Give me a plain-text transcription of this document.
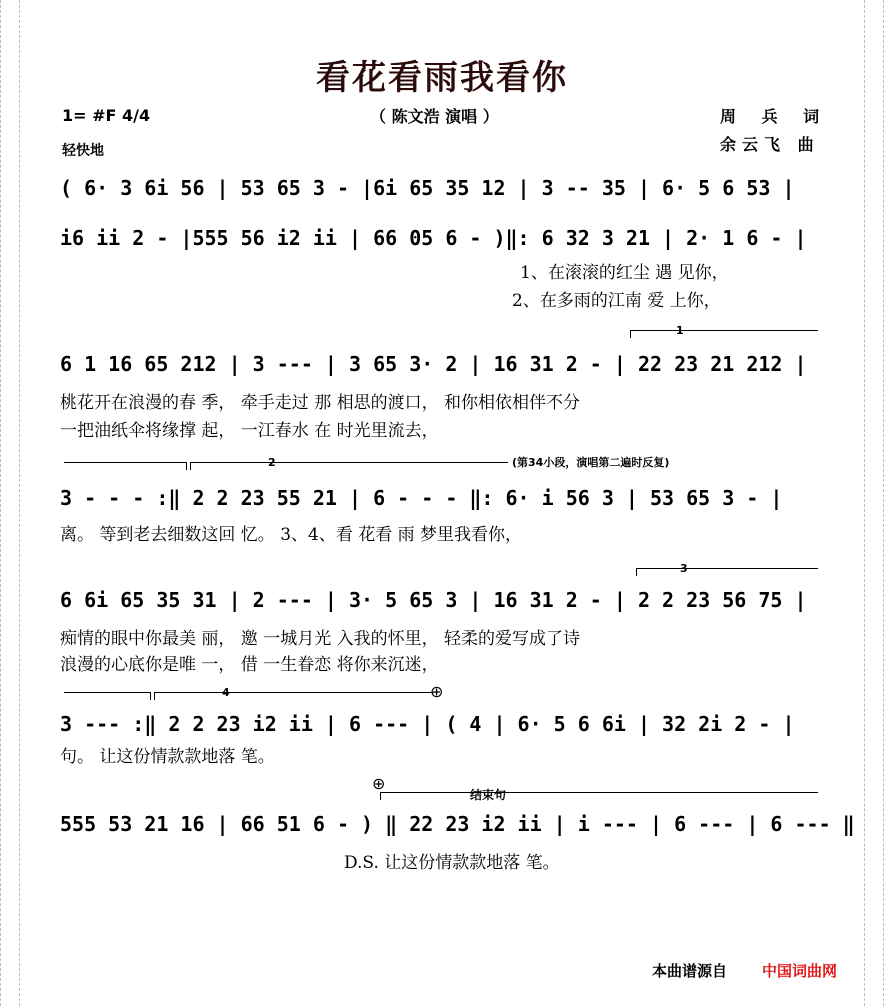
看花看雨我看你
（ 陈文浩 演唱 ）
1= #F 4/4
轻快地
周 兵 词
余云飞 曲
( 6· 3 6i 56 | 53 65 3 - |6i 65 35 12 | 3 -- 35 | 6· 5 6 53 |
i6 ii 2 - |555 56 i2 ii | 66 05 6 - )‖: 6 32 3 21 | 2· 1 6 - |
1、在滚滚的红尘 遇 见你，
2、在多雨的江南 爱 上你，
1
6 1 16 65 212 | 3 --- | 3 65 3· 2 | 16 31 2 - | 22 23 21 212 |
桃花开在浪漫的春 季， 牵手走过 那 相思的渡口， 和你相依相伴不分
一把油纸伞将缘撑 起， 一江春水 在 时光里流去，
2	(第34小段，演唱第二遍时反复)
3 - - - :‖ 2 2 23 55 21 | 6 - - - ‖: 6· i 56 3 | 53 65 3 - |
离。 等到老去细数这回 忆。 3、4、看 花看 雨 梦里我看你，
3
6 6i 65 35 31 | 2 --- | 3· 5 65 3 | 16 31 2 - | 2 2 23 56 75 |
痴情的眼中你最美 丽， 邀 一城月光 入我的怀里， 轻柔的爱写成了诗
浪漫的心底你是唯 一， 借 一生眷恋 将你来沉迷，
4	⊕
3 --- :‖ 2 2 23 i2 ii | 6 --- | ( 4 | 6· 5 6 6i | 32 2i 2 - |
句。 让这份情款款地落 笔。
⊕
结束句
555 53 21 16 | 66 51 6 - ) ‖ 22 23 i2 ii | i --- | 6 --- | 6 --- ‖
D.S. 让这份情款款地落 笔。
本曲谱源自 中国词曲网
